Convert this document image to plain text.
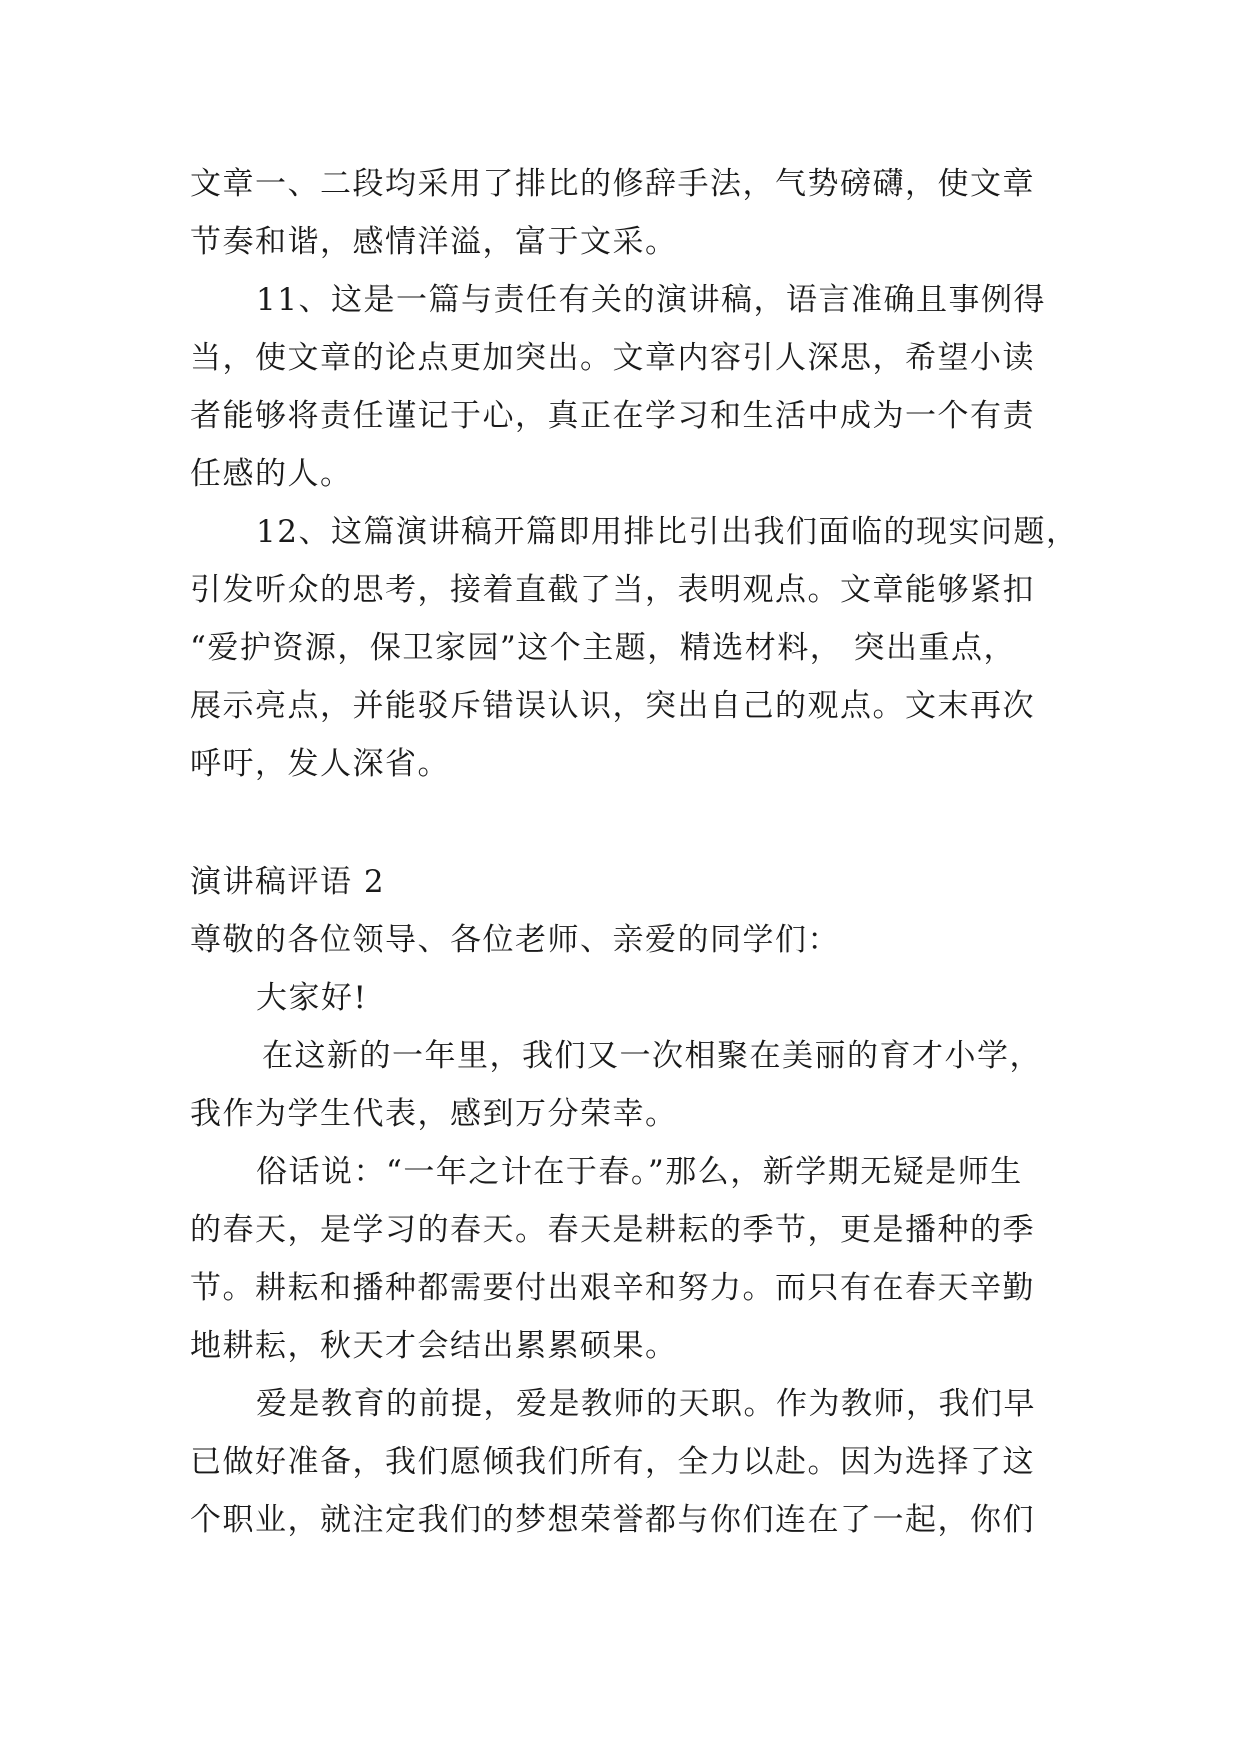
文章一、二段均采用了排比的修辞手法，气势磅礴，使文章
节奏和谐，感情洋溢，富于文采。
11、这是一篇与责任有关的演讲稿，语言准确且事例得
当，使文章的论点更加突出。文章内容引人深思，希望小读
者能够将责任谨记于心，真正在学习和生活中成为一个有责
任感的人。
12、这篇演讲稿开篇即用排比引出我们面临的现实问题，
引发听众的思考，接着直截了当，表明观点。文章能够紧扣
“爱护资源，保卫家园”这个主题，精选材料， 突出重点，
展示亮点，并能驳斥错误认识，突出自己的观点。文末再次
呼吁，发人深省。
演讲稿评语 2
尊敬的各位领导、各位老师、亲爱的同学们：
大家好!
在这新的一年里，我们又一次相聚在美丽的育才小学，
我作为学生代表，感到万分荣幸。
俗话说：“一年之计在于春。”那么，新学期无疑是师生
的春天，是学习的春天。春天是耕耘的季节，更是播种的季
节。耕耘和播种都需要付出艰辛和努力。而只有在春天辛勤
地耕耘，秋天才会结出累累硕果。
爱是教育的前提，爱是教师的天职。作为教师，我们早
已做好准备，我们愿倾我们所有，全力以赴。因为选择了这
个职业，就注定我们的梦想荣誉都与你们连在了一起，你们
